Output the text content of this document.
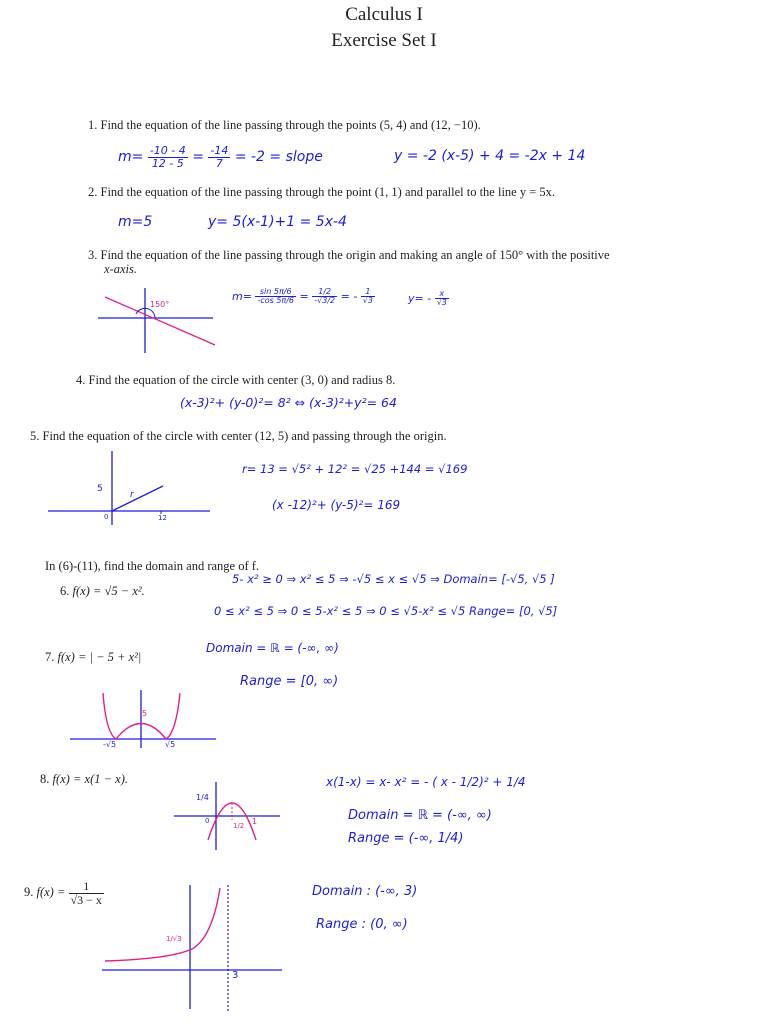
Calculus I
Exercise Set I
1. Find the equation of the line passing through the points (5, 4) and (12, −10).
$m= \frac{-10 - 4}{12 - 5} = \frac{-14}{7} = -2$ = slope	y = -2 (x-5) + 4 = -2x + 14
2. Find the equation of the line passing through the point (1, 1) and parallel to the line y = 5x.
m=5	y= 5(x-1)+1 = 5x-4
3. Find the equation of the line passing through the origin and making an angle of 150° with the positive
x-axis.
150°
$m= \frac{\sin 5\pi/6}{-\cos 5\pi/6} = \frac{1/2}{-√3/2}$ = - $\frac{1}{√3}$	$y= - \frac{x}{√3}$
4. Find the equation of the circle with center (3, 0) and radius 8.
(x-3)²+ (y-0)²= 8² ⇔ (x-3)²+y²= 64
5. Find the equation of the circle with center (12, 5) and passing through the origin.
5
r
0	12
r= 13 = √5² + 12² = √25 +144 = √169
(x -12)²+ (y-5)²= 169
In (6)-(11), find the domain and range of f.
6. f(x) = √5 − x².
5- x² ≥ 0 ⇒ x² ≤ 5 ⇒ -√5 ≤ x ≤ √5 ⇒ Domain= [-√5, √5 ]
0 ≤ x² ≤ 5 ⇒ 0 ≤ 5-x² ≤ 5 ⇒ 0 ≤ √5-x² ≤ √5 Range= [0, √5]
7. f(x) = | − 5 + x²|
Domain = ℝ = (-∞, ∞)
Range = [0, ∞)
-√5	√5
5
8. f(x) = x(1 − x).	x(1-x) = x- x² = - ( x - 1/2)² + 1/4
Domain = ℝ = (-∞, ∞)
Range = (-∞, 1/4)
1/4
0
1/2 1
9. $f(x) = \frac{1}{√3 - x}$	Domain : (-∞, 3)
Range : (0, ∞)
1/√3
3
